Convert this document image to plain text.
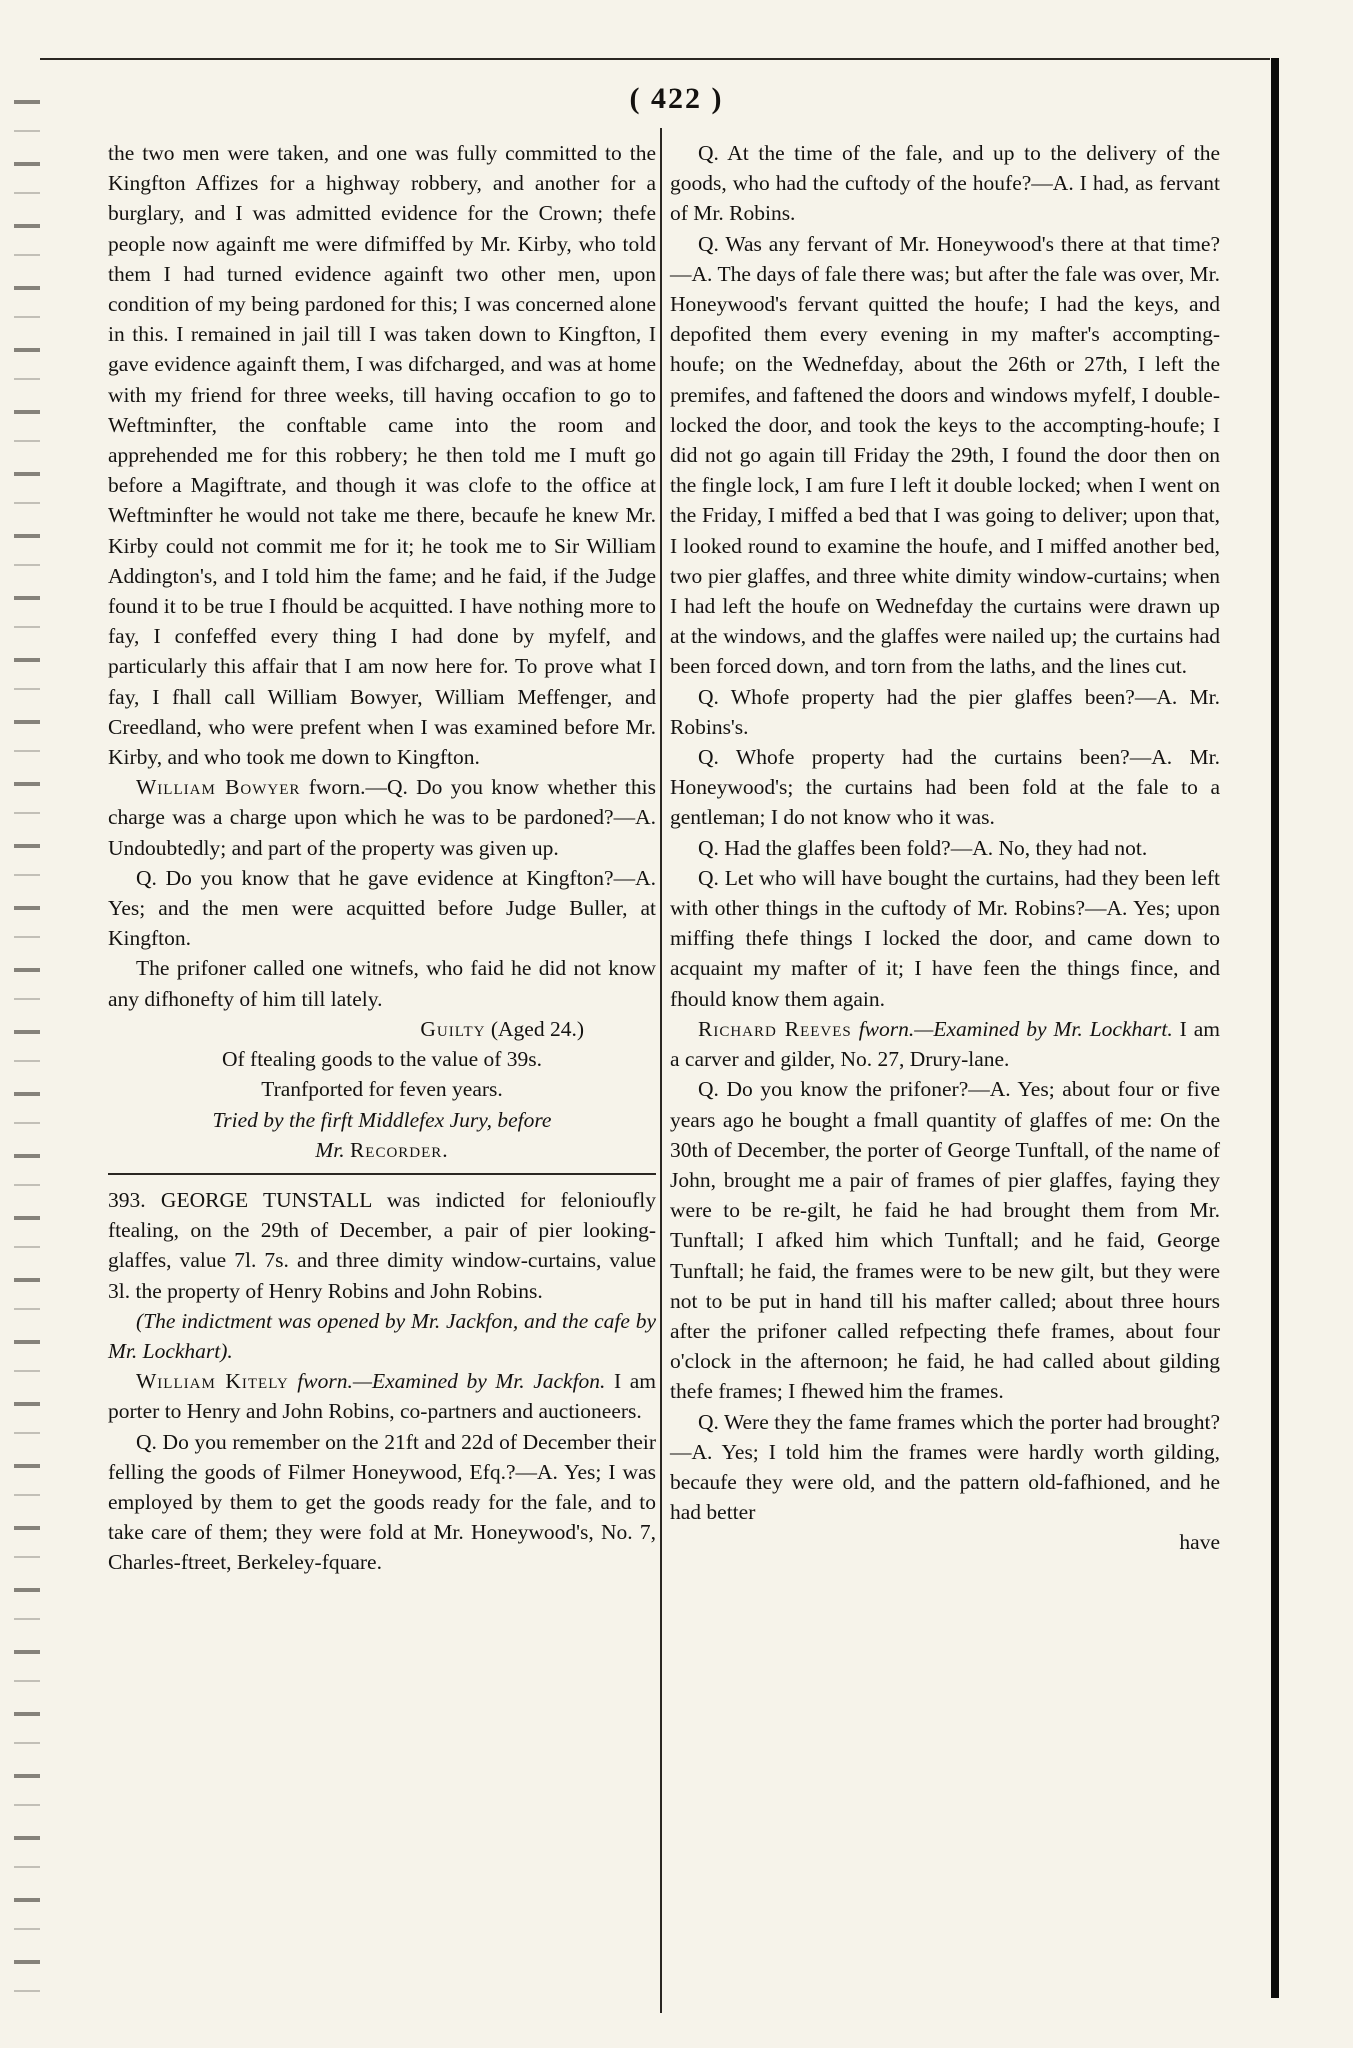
( 422 )

the two men were taken, and one was fully committed to the Kingfton Affizes for a highway robbery, and another for a burglary, and I was admitted evidence for the Crown; thefe people now againft me were difmiffed by Mr. Kirby, who told them I had turned evidence againft two other men, upon condition of my being pardoned for this; I was concerned alone in this. I remained in jail till I was taken down to Kingfton, I gave evidence againft them, I was difcharged, and was at home with my friend for three weeks, till having occafion to go to Weftminfter, the conftable came into the room and apprehended me for this robbery; he then told me I muft go before a Magiftrate, and though it was clofe to the office at Weftminfter he would not take me there, becaufe he knew Mr. Kirby could not commit me for it; he took me to Sir William Addington's, and I told him the fame; and he faid, if the Judge found it to be true I fhould be acquitted. I have nothing more to fay, I confeffed every thing I had done by myfelf, and particularly this affair that I am now here for. To prove what I fay, I fhall call William Bowyer, William Meffenger, and Creedland, who were prefent when I was examined before Mr. Kirby, and who took me down to Kingfton.

William Bowyer fworn.—Q. Do you know whether this charge was a charge upon which he was to be pardoned?—A. Undoubtedly; and part of the property was given up.

Q. Do you know that he gave evidence at Kingfton?—A. Yes; and the men were acquitted before Judge Buller, at Kingfton.

The prifoner called one witnefs, who faid he did not know any difhonefty of him till lately.

Guilty (Aged 24.)

Of ftealing goods to the value of 39s.

Tranfported for feven years.

Tried by the firft Middlefex Jury, before

Mr. Recorder.

393. GEORGE TUNSTALL was indicted for felonioufly ftealing, on the 29th of December, a pair of pier looking-glaffes, value 7l. 7s. and three dimity window-curtains, value 3l. the property of Henry Robins and John Robins.

(The indictment was opened by Mr. Jackfon, and the cafe by Mr. Lockhart).

William Kitely fworn.—Examined by Mr. Jackfon. I am porter to Henry and John Robins, co-partners and auctioneers.

Q. Do you remember on the 21ft and 22d of December their felling the goods of Filmer Honeywood, Efq.?—A. Yes; I was employed by them to get the goods ready for the fale, and to take care of them; they were fold at Mr. Honeywood's, No. 7, Charles-ftreet, Berkeley-fquare.

Q. At the time of the fale, and up to the delivery of the goods, who had the cuftody of the houfe?—A. I had, as fervant of Mr. Robins.

Q. Was any fervant of Mr. Honeywood's there at that time?—A. The days of fale there was; but after the fale was over, Mr. Honeywood's fervant quitted the houfe; I had the keys, and depofited them every evening in my mafter's accompting-houfe; on the Wednefday, about the 26th or 27th, I left the premifes, and faftened the doors and windows myfelf, I double-locked the door, and took the keys to the accompting-houfe; I did not go again till Friday the 29th, I found the door then on the fingle lock, I am fure I left it double locked; when I went on the Friday, I miffed a bed that I was going to deliver; upon that, I looked round to examine the houfe, and I miffed another bed, two pier glaffes, and three white dimity window-curtains; when I had left the houfe on Wednefday the curtains were drawn up at the windows, and the glaffes were nailed up; the curtains had been forced down, and torn from the laths, and the lines cut.

Q. Whofe property had the pier glaffes been?—A. Mr. Robins's.

Q. Whofe property had the curtains been?—A. Mr. Honeywood's; the curtains had been fold at the fale to a gentleman; I do not know who it was.

Q. Had the glaffes been fold?—A. No, they had not.

Q. Let who will have bought the curtains, had they been left with other things in the cuftody of Mr. Robins?—A. Yes; upon miffing thefe things I locked the door, and came down to acquaint my mafter of it; I have feen the things fince, and fhould know them again.

Richard Reeves fworn.—Examined by Mr. Lockhart. I am a carver and gilder, No. 27, Drury-lane.

Q. Do you know the prifoner?—A. Yes; about four or five years ago he bought a fmall quantity of glaffes of me: On the 30th of December, the porter of George Tunftall, of the name of John, brought me a pair of frames of pier glaffes, faying they were to be re-gilt, he faid he had brought them from Mr. Tunftall; I afked him which Tunftall; and he faid, George Tunftall; he faid, the frames were to be new gilt, but they were not to be put in hand till his mafter called; about three hours after the prifoner called refpecting thefe frames, about four o'clock in the afternoon; he faid, he had called about gilding thefe frames; I fhewed him the frames.

Q. Were they the fame frames which the porter had brought?—A. Yes; I told him the frames were hardly worth gilding, becaufe they were old, and the pattern old-fafhioned, and he had better

have
